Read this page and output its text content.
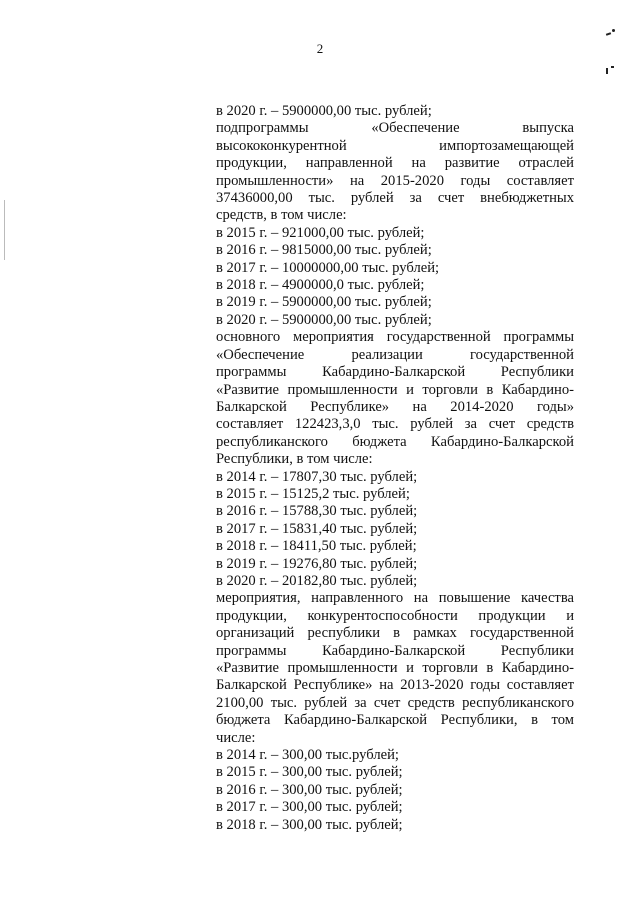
2
в 2020 г. – 5900000,00 тыс. рублей;
подпрограммы «Обеспечение выпуска
высококонкурентной импортозамещающей
продукции, направленной на развитие отраслей
промышленности» на 2015-2020 годы составляет
37436000,00 тыс. рублей за счет внебюджетных
средств, в том числе:
в 2015 г. – 921000,00 тыс. рублей;
в 2016 г. – 9815000,00 тыс. рублей;
в 2017 г. – 10000000,00 тыс. рублей;
в 2018 г. – 4900000,0 тыс. рублей;
в 2019 г. – 5900000,00 тыс. рублей;
в 2020 г. – 5900000,00 тыс. рублей;
основного мероприятия государственной программы
«Обеспечение реализации государственной
программы Кабардино-Балкарской Республики
«Развитие промышленности и торговли в Кабардино-
Балкарской Республике» на 2014-2020 годы»
составляет 122423,3,0 тыс. рублей за счет средств
республиканского бюджета Кабардино-Балкарской
Республики, в том числе:
в 2014 г. – 17807,30 тыс. рублей;
в 2015 г. – 15125,2 тыс. рублей;
в 2016 г. – 15788,30 тыс. рублей;
в 2017 г. – 15831,40 тыс. рублей;
в 2018 г. – 18411,50 тыс. рублей;
в 2019 г. – 19276,80 тыс. рублей;
в 2020 г. – 20182,80 тыс. рублей;
мероприятия, направленного на повышение качества
продукции, конкурентоспособности продукции и
организаций республики в рамках государственной
программы Кабардино-Балкарской Республики
«Развитие промышленности и торговли в Кабардино-
Балкарской Республике» на 2013-2020 годы составляет
2100,00 тыс. рублей за счет средств республиканского
бюджета Кабардино-Балкарской Республики, в том
числе:
в 2014 г. – 300,00 тыс.рублей;
в 2015 г. – 300,00 тыс. рублей;
в 2016 г. – 300,00 тыс. рублей;
в 2017 г. – 300,00 тыс. рублей;
в 2018 г. – 300,00 тыс. рублей;
